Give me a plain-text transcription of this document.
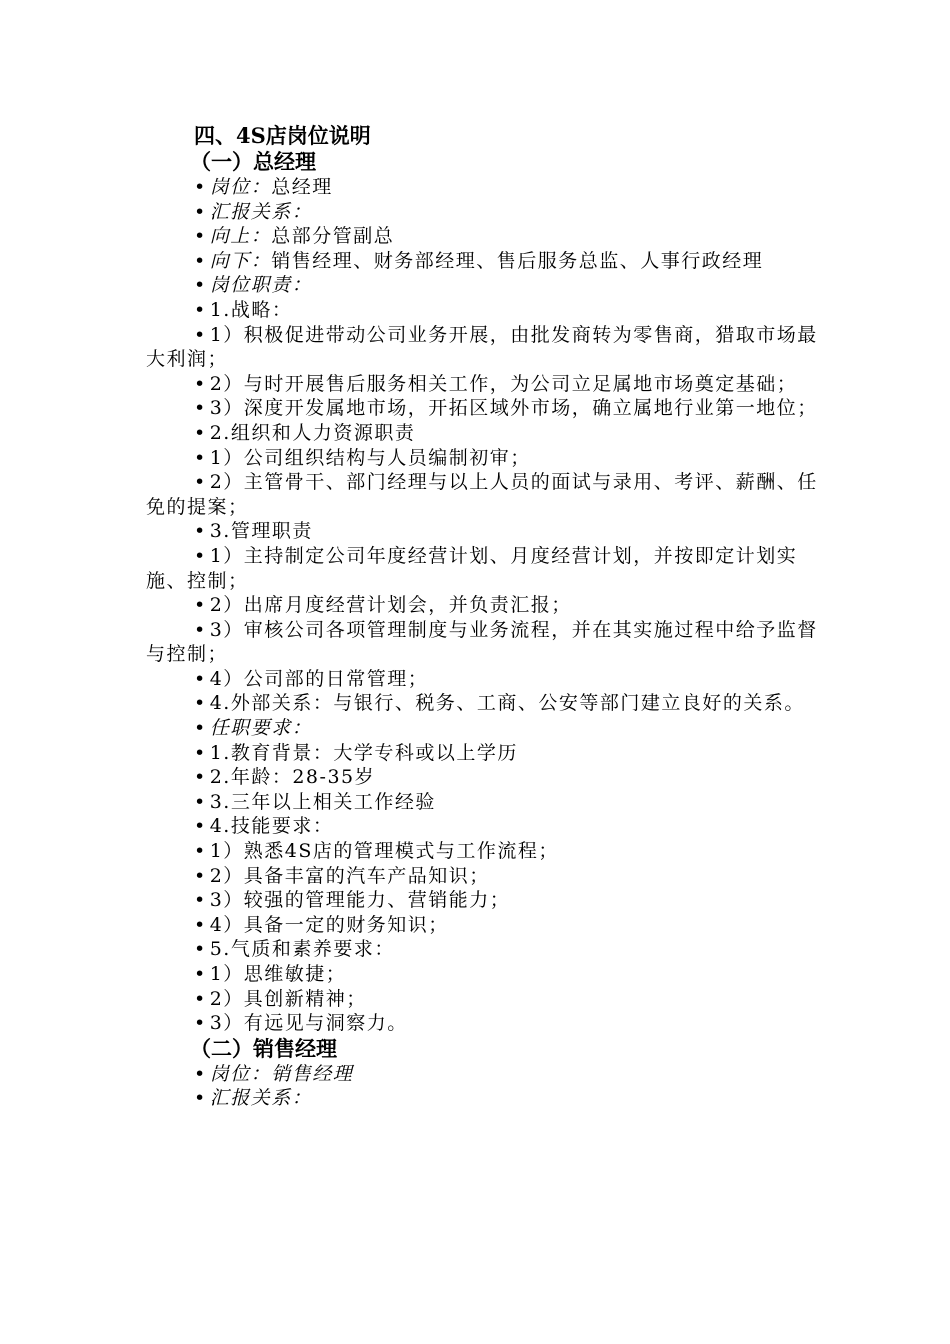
四、4S店岗位说明
（一）总经理
• 岗位：总经理
• 汇报关系：
• 向上：总部分管副总
• 向下：销售经理、财务部经理、售后服务总监、人事行政经理
• 岗位职责：
• 1.战略：
• 1）积极促进带动公司业务开展，由批发商转为零售商，猎取市场最大利润；
• 2）与时开展售后服务相关工作，为公司立足属地市场奠定基础；
• 3）深度开发属地市场，开拓区域外市场，确立属地行业第一地位；
• 2.组织和人力资源职责
• 1）公司组织结构与人员编制初审；
• 2）主管骨干、部门经理与以上人员的面试与录用、考评、薪酬、任免的提案；
• 3.管理职责
• 1）主持制定公司年度经营计划、月度经营计划，并按即定计划实施、控制；
• 2）出席月度经营计划会，并负责汇报；
• 3）审核公司各项管理制度与业务流程，并在其实施过程中给予监督与控制；
• 4）公司部的日常管理；
• 4.外部关系：与银行、税务、工商、公安等部门建立良好的关系。
• 任职要求：
• 1.教育背景：大学专科或以上学历
• 2.年龄：28-35岁
• 3.三年以上相关工作经验
• 4.技能要求：
• 1）熟悉4S店的管理模式与工作流程；
• 2）具备丰富的汽车产品知识；
• 3）较强的管理能力、营销能力；
• 4）具备一定的财务知识；
• 5.气质和素养要求：
• 1）思维敏捷；
• 2）具创新精神；
• 3）有远见与洞察力。
（二）销售经理
• 岗位：销售经理
• 汇报关系：
